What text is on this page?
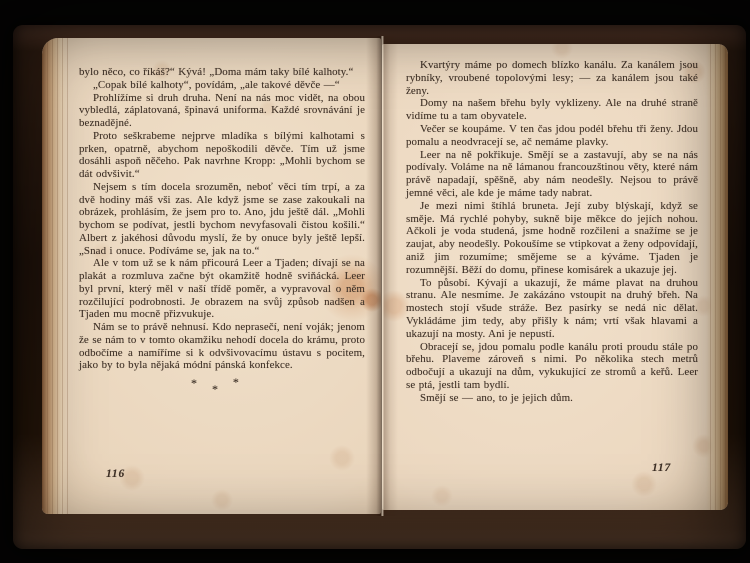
bylo něco, co říkáš?“ Kývá! „Doma mám taky bílé kalhoty.“

„Copak bílé kalhoty“, povídám, „ale takové děvče —“

Prohlížíme si druh druha. Není na nás moc vidět, na obou vybledlá, záplatovaná, špinavá uniforma. Každé srovnávání je beznadějné.

Proto seškrabeme nejprve mladíka s bílými kalhotami s prken, opatrně, abychom nepoškodili děvče. Tím už jsme dosáhli aspoň něčeho. Pak navrhne Kropp: „Mohli bychom se dát odvšivit.“

Nejsem s tím docela srozuměn, neboť věci tím trpí, a za dvě hodiny máš vši zas. Ale když jsme se zase zakoukali na obrázek, prohlásím, že jsem pro to. Ano, jdu ještě dál. „Mohli bychom se podívat, jestli bychom nevyfasovali čistou košili.“ Albert z jakéhosi důvodu myslí, že by onuce byly ještě lepší. „Snad i onuce. Podíváme se, jak na to.“

Ale v tom už se k nám přicourá Leer a Tjaden; dívají se na plakát a rozmluva začne být okamžitě hodně sviňácká. Leer byl první, který měl v naší třídě poměr, a vypravoval o něm rozčilující podrobnosti. Je obrazem na svůj způsob nadšen a Tjaden mu mocně přizvukuje.

Nám se to právě nehnusí. Kdo neprasečí, není voják; jenom že se nám to v tomto okamžiku nehodí docela do krámu, proto odbočíme a namíříme si k odvšivovacímu ústavu s pocitem, jako by to byla nějaká módní pánská konfekce.

* * *
116

Kvartýry máme po domech blízko kanálu. Za kanálem jsou rybníky, vroubené topolovými lesy; — za kanálem jsou také ženy.

Domy na našem břehu byly vyklizeny. Ale na druhé straně vidíme tu a tam obyvatele.

Večer se koupáme. V ten čas jdou podél břehu tři ženy. Jdou pomalu a neodvracejí se, ač nemáme plavky.

Leer na ně pokřikuje. Smějí se a zastavují, aby se na nás podívaly. Voláme na ně lámanou francouzštinou věty, které nám právě napadají, spěšně, aby nám neodešly. Nejsou to právě jemné věci, ale kde je máme tady nabrat.

Je mezi nimi štíhlá bruneta. Její zuby blýskají, když se směje. Má rychlé pohyby, sukně bije měkce do jejích nohou. Ačkoli je voda studená, jsme hodně rozčileni a snažíme se je zaujat, aby neodešly. Pokoušíme se vtipkovat a ženy odpovídají, aniž jim rozumíme; smějeme se a kýváme. Tjaden je rozumnější. Běží do domu, přinese komisárek a ukazuje jej.

To působí. Kývají a ukazují, že máme plavat na druhou stranu. Ale nesmíme. Je zakázáno vstoupit na druhý břeh. Na mostech stojí všude stráže. Bez pasírky se nedá nic dělat. Vykládáme jim tedy, aby přišly k nám; vrtí však hlavami a ukazují na mosty. Ani je nepustí.

Obracejí se, jdou pomalu podle kanálu proti proudu stále po břehu. Plaveme zároveň s nimi. Po několika stech metrů odbočují a ukazují na dům, vykukující ze stromů a keřů. Leer se ptá, jestli tam bydlí.

Smějí se — ano, to je jejich dům.

117
